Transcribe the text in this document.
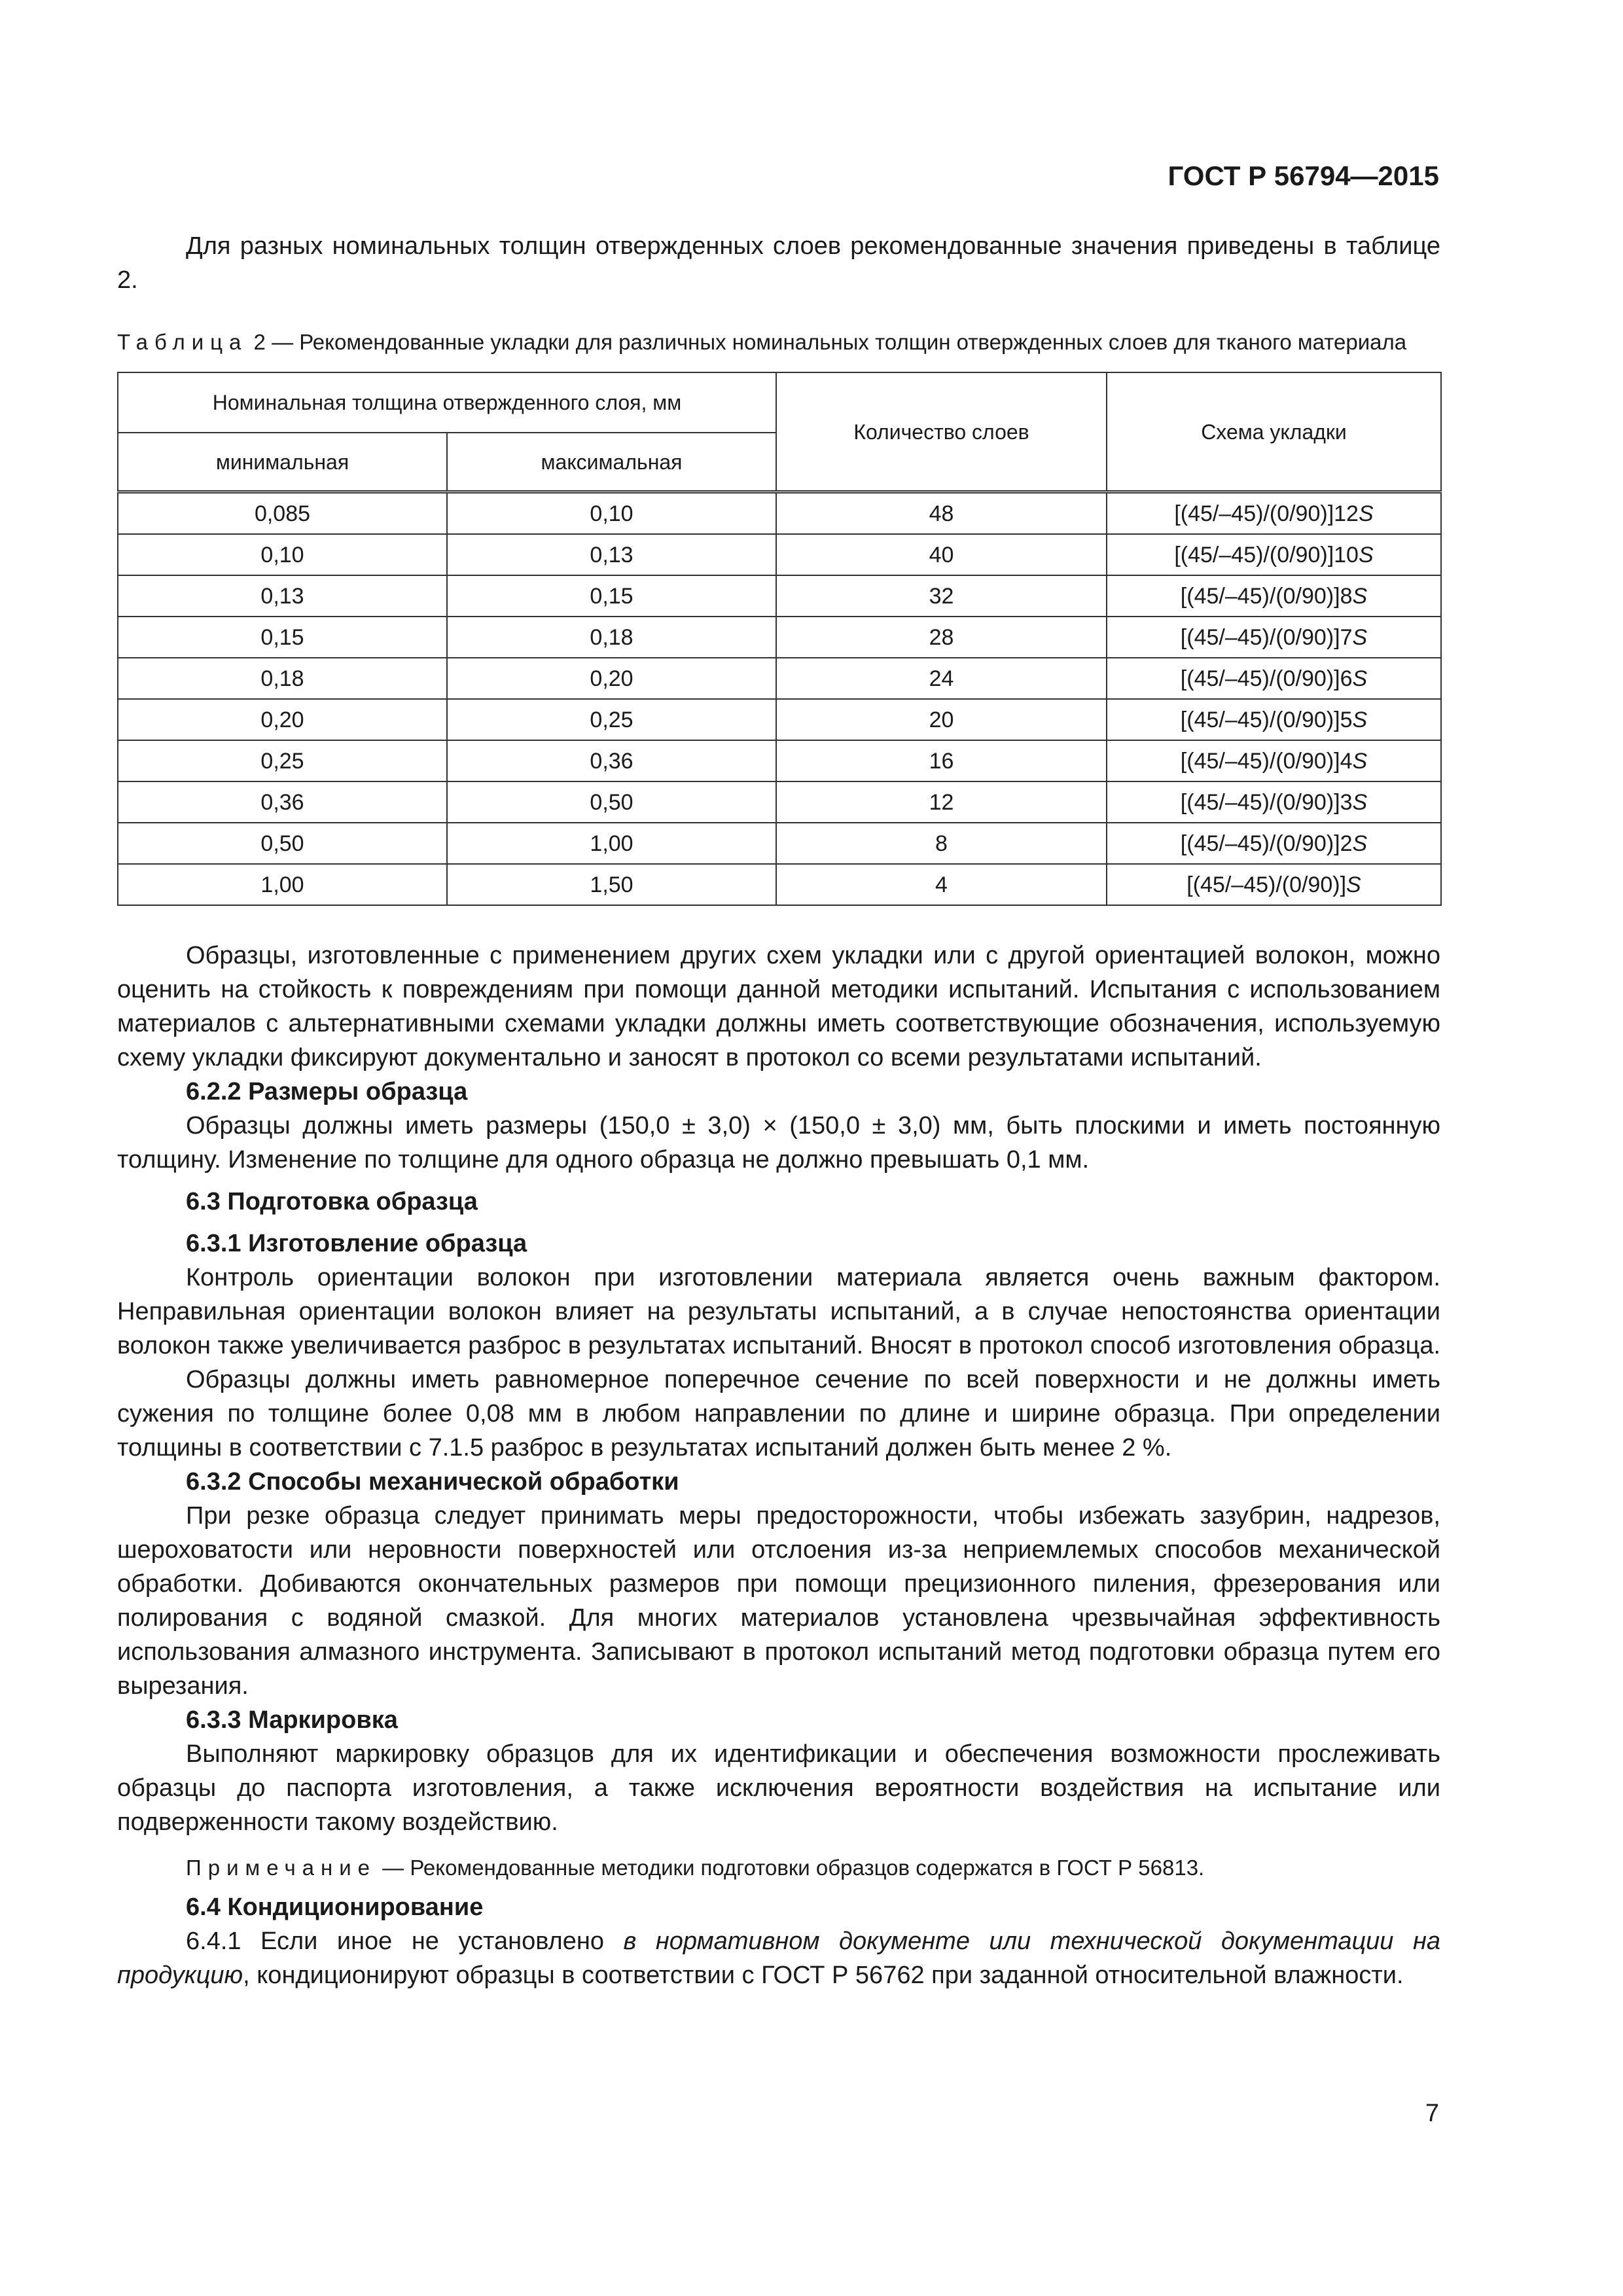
ГОСТ Р 56794—2015

Для разных номинальных толщин отвержденных слоев рекомендованные значения приведены в таблице 2.

Таблица 2 — Рекомендованные укладки для различных номинальных толщин отвержденных слоев для тканого материала

Номинальная толщина отвержденного слоя, мм		Количество слоев	Схема укладки
минимальная	максимальная		
0,085	0,10	48	[(45/–45)/(0/90)]12S
0,10	0,13	40	[(45/–45)/(0/90)]10S
0,13	0,15	32	[(45/–45)/(0/90)]8S
0,15	0,18	28	[(45/–45)/(0/90)]7S
0,18	0,20	24	[(45/–45)/(0/90)]6S
0,20	0,25	20	[(45/–45)/(0/90)]5S
0,25	0,36	16	[(45/–45)/(0/90)]4S
0,36	0,50	12	[(45/–45)/(0/90)]3S
0,50	1,00	8	[(45/–45)/(0/90)]2S
1,00	1,50	4	[(45/–45)/(0/90)]S

Образцы, изготовленные с применением других схем укладки или с другой ориентацией волокон, можно оценить на стойкость к повреждениям при помощи данной методики испытаний. Испытания с использованием материалов с альтернативными схемами укладки должны иметь соответствующие обозначения, используемую схему укладки фиксируют документально и заносят в протокол со всеми результатами испытаний.

6.2.2 Размеры образца

Образцы должны иметь размеры (150,0 ± 3,0) × (150,0 ± 3,0) мм, быть плоскими и иметь постоянную толщину. Изменение по толщине для одного образца не должно превышать 0,1 мм.

6.3 Подготовка образца
6.3.1 Изготовление образца

Контроль ориентации волокон при изготовлении материала является очень важным фактором. Неправильная ориентации волокон влияет на результаты испытаний, а в случае непостоянства ориентации волокон также увеличивается разброс в результатах испытаний. Вносят в протокол способ изготовления образца.

Образцы должны иметь равномерное поперечное сечение по всей поверхности и не должны иметь сужения по толщине более 0,08 мм в любом направлении по длине и ширине образца. При определении толщины в соответствии с 7.1.5 разброс в результатах испытаний должен быть менее 2 %.

6.3.2 Способы механической обработки

При резке образца следует принимать меры предосторожности, чтобы избежать зазубрин, надрезов, шероховатости или неровности поверхностей или отслоения из-за неприемлемых способов механической обработки. Добиваются окончательных размеров при помощи прецизионного пиления, фрезерования или полирования с водяной смазкой. Для многих материалов установлена чрезвычайная эффективность использования алмазного инструмента. Записывают в протокол испытаний метод подготовки образца путем его вырезания.

6.3.3 Маркировка

Выполняют маркировку образцов для их идентификации и обеспечения возможности прослеживать образцы до паспорта изготовления, а также исключения вероятности воздействия на испытание или подверженности такому воздействию.

Примечание — Рекомендованные методики подготовки образцов содержатся в ГОСТ Р 56813.

6.4 Кондиционирование

6.4.1 Если иное не установлено в нормативном документе или технической документации на продукцию, кондиционируют образцы в соответствии с ГОСТ Р 56762 при заданной относительной влажности.

7
